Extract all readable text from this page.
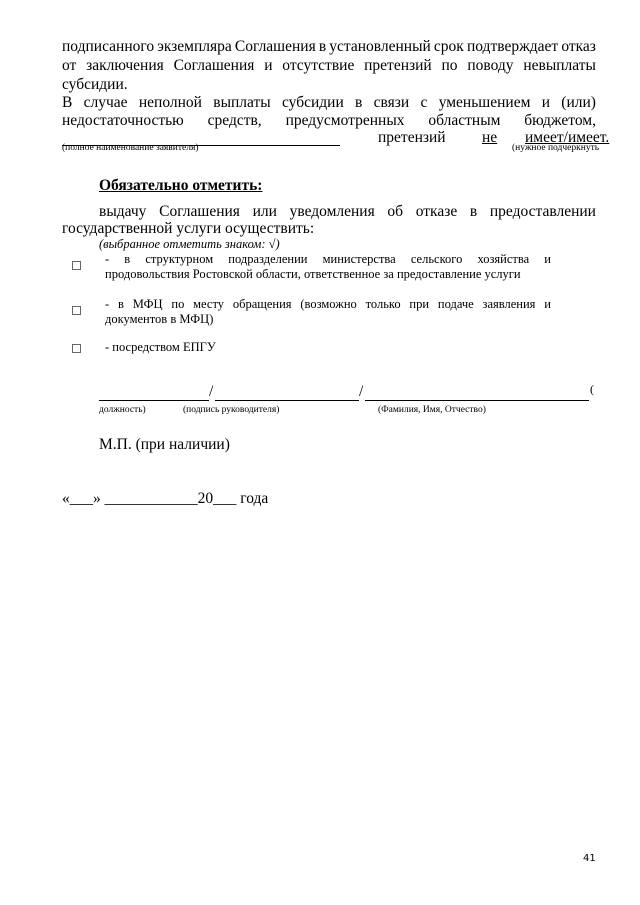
подписанного экземпляра Соглашения в установленный срок подтверждает отказ
от заключения Соглашения и отсутствие претензий по поводу невыплаты
субсидии.
В случае неполной выплаты субсидии в связи с уменьшением и (или)
недостаточностью средств, предусмотренных областным бюджетом,
претензий не имеет/имеет.
(полное наименование заявителя)	(нужное подчеркнуть
Обязательно отметить:
выдачу Соглашения или уведомления об отказе в предоставлении
государственной услуги осуществить:
(выбранное отметить знаком: √)
- в структурном подразделении министерства сельского хозяйства и
продовольствия Ростовской области, ответственное за предоставление услуги
- в МФЦ по месту обращения (возможно только при подаче заявления и
документов в МФЦ)
- посредством ЕПГУ
/	/	(
должность)	(подпись руководителя)	(Фамилия, Имя, Отчество)
М.П. (при наличии)
«___» ____________20___ года
41
